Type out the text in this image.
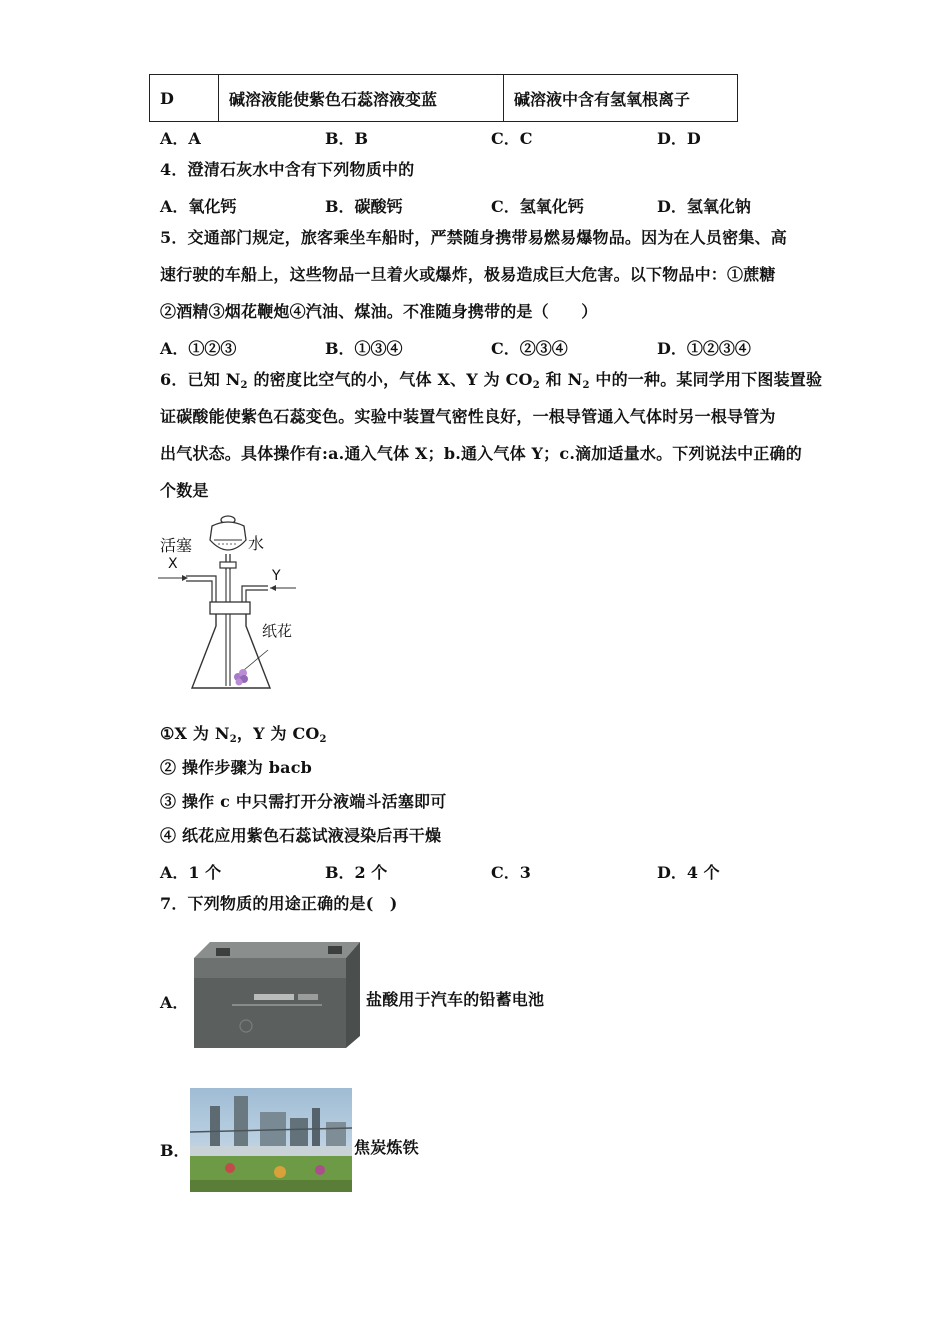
D	碱溶液能使紫色石蕊溶液变蓝	碱溶液中含有氢氧根离子
A．A	B．B	C．C	D．D
4．澄清石灰水中含有下列物质中的
A．氧化钙	B．碳酸钙	C．氢氧化钙	D．氢氧化钠
5．交通部门规定，旅客乘坐车船时，严禁随身携带易燃易爆物品。因为在人员密集、高
速行驶的车船上，这些物品一旦着火或爆炸，极易造成巨大危害。以下物品中：①蔗糖
②酒精③烟花鞭炮④汽油、煤油。不准随身携带的是（　　）
A．①②③	B．①③④	C．②③④	D．①②③④
6．已知 $N_2$ 的密度比空气的小，气体 X、Y 为 $CO_2$ 和 $N_2$ 中的一种。某同学用下图装置验
证碳酸能使紫色石蕊变色。实验中装置气密性良好，一根导管通入气体时另一根导管为
出气状态。具体操作有:a.通入气体 X；b.通入气体 Y；c.滴加适量水。下列说法中正确的
个数是
活塞	水
X
Y
纸花
①X 为 $N_2$，Y 为 $CO_2$
② 操作步骤为 bacb
③ 操作 c 中只需打开分液端斗活塞即可
④ 纸花应用紫色石蕊试液浸染后再干燥
A．1 个	B．2 个	C．3	D．4 个
7．下列物质的用途正确的是(　)
A．	盐酸用于汽车的铅蓄电池
B．	焦炭炼铁
